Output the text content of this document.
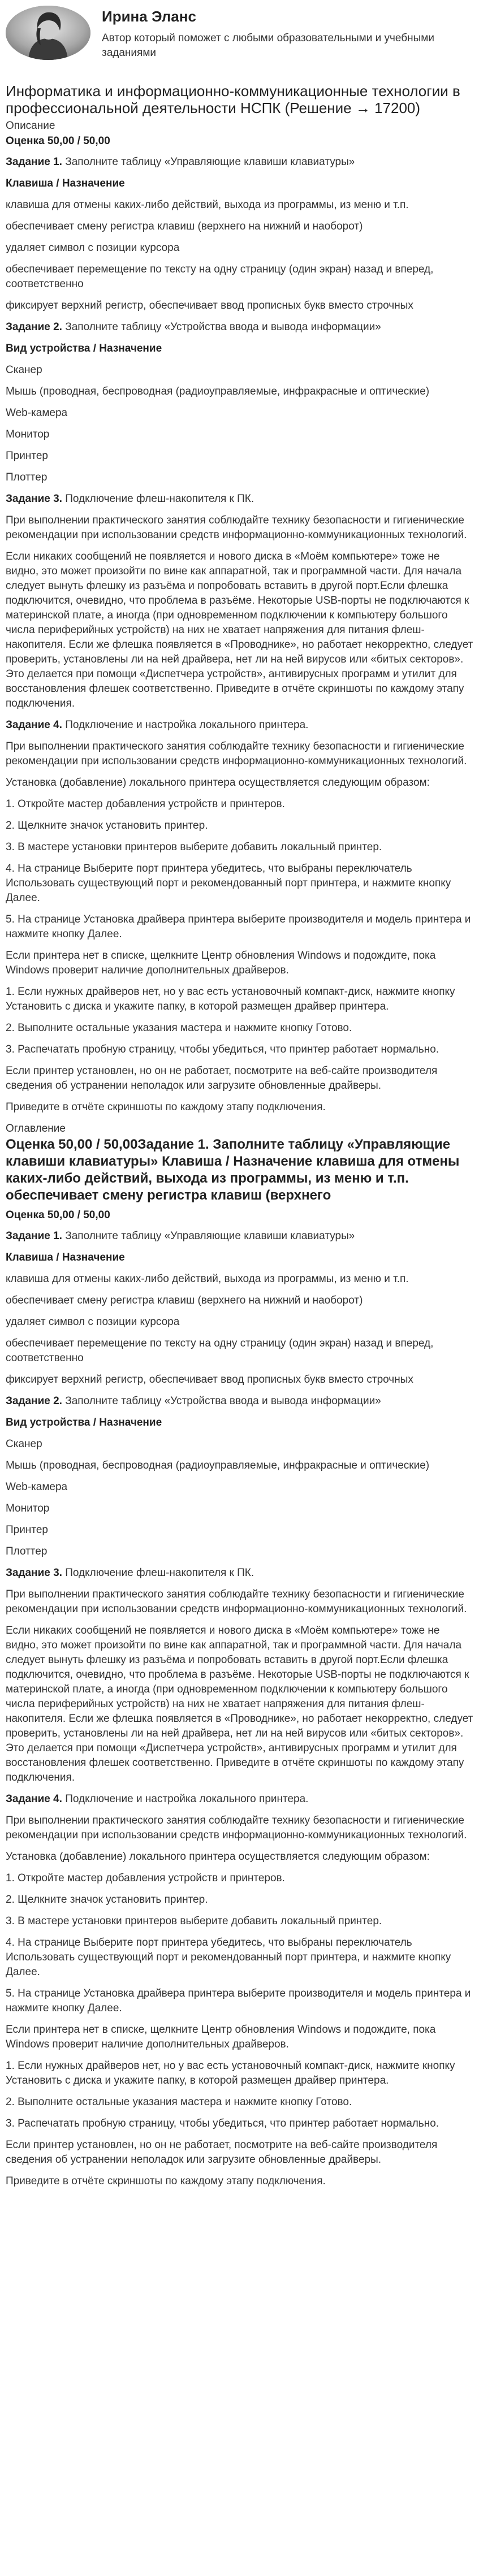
Ирина Эланс

Автор который поможет с любыми образовательными и учебными заданиями

Информатика и информационно-коммуникационные технологии в профессиональной деятельности НСПК (Решение → 17200)

Описание

Оценка 50,00 / 50,00

Задание 1. Заполните таблицу «Управляющие клавиши клавиатуры»

Клавиша / Назначение

клавиша для отмены каких-либо действий, выхода из программы, из меню и т.п.

обеспечивает смену регистра клавиш (верхнего на нижний и наоборот)

удаляет символ с позиции курсора

обеспечивает перемещение по тексту на одну страницу (один экран) назад и вперед, соответственно

фиксирует верхний регистр, обеспечивает ввод прописных букв вместо строчных

Задание 2. Заполните таблицу «Устройства ввода и вывода информации»

Вид устройства / Назначение

Сканер

Мышь (проводная, беспроводная (радиоуправляемые, инфракрасные и оптические)

Web-камера

Монитор

Принтер

Плоттер

Задание 3. Подключение флеш-накопителя к ПК.

При выполнении практического занятия соблюдайте технику безопасности и гигиенические рекомендации при использовании средств информационно-коммуникационных технологий.

Если никаких сообщений не появляется и нового диска в «Моём компьютере» тоже не видно, это может произойти по вине как аппаратной, так и программной части. Для начала следует вынуть флешку из разъёма и попробовать вставить в другой порт.Если флешка подключится, очевидно, что проблема в разъёме. Некоторые USB-порты не подключаются к материнской плате, а иногда (при одновременном подключении к компьютеру большого числа периферийных устройств) на них не хватает напряжения для питания флеш-накопителя. Если же флешка появляется в «Проводнике», но работает некорректно, следует проверить, установлены ли на ней драйвера, нет ли на ней вирусов или «битых секторов». Это делается при помощи «Диспетчера устройств», антивирусных программ и утилит для восстановления флешек соответственно. Приведите в отчёте скриншоты по каждому этапу подключения.

Задание 4. Подключение и настройка локального принтера.

При выполнении практического занятия соблюдайте технику безопасности и гигиенические рекомендации при использовании средств информационно-коммуникационных технологий.

Установка (добавление) локального принтера осуществляется следующим образом:

1. Откройте мастер добавления устройств и принтеров.

2. Щелкните значок установить принтер.

3. В мастере установки принтеров выберите добавить локальный принтер.

4. На странице Выберите порт принтера убедитесь, что выбраны переключатель Использовать существующий порт и рекомендованный порт принтера, и нажмите кнопку Далее.

5. На странице Установка драйвера принтера выберите производителя и модель принтера и нажмите кнопку Далее.

Если принтера нет в списке, щелкните Центр обновления Windows и подождите, пока Windows проверит наличие дополнительных драйверов.

1. Если нужных драйверов нет, но у вас есть установочный компакт-диск, нажмите кнопку Установить с диска и укажите папку, в которой размещен драйвер принтера.

2. Выполните остальные указания мастера и нажмите кнопку Готово.

3. Распечатать пробную страницу, чтобы убедиться, что принтер работает нормально.

Если принтер установлен, но он не работает, посмотрите на веб-сайте производителя сведения об устранении неполадок или загрузите обновленные драйверы.

Приведите в отчёте скриншоты по каждому этапу подключения.

Оглавление

Оценка 50,00 / 50,00Задание 1. Заполните таблицу «Управляющие клавиши клавиатуры» Клавиша / Назначение клавиша для отмены каких-либо действий, выхода из программы, из меню и т.п. обеспечивает смену регистра клавиш (верхнего

Оценка 50,00 / 50,00

Задание 1. Заполните таблицу «Управляющие клавиши клавиатуры»

Клавиша / Назначение

клавиша для отмены каких-либо действий, выхода из программы, из меню и т.п.

обеспечивает смену регистра клавиш (верхнего на нижний и наоборот)

удаляет символ с позиции курсора

обеспечивает перемещение по тексту на одну страницу (один экран) назад и вперед, соответственно

фиксирует верхний регистр, обеспечивает ввод прописных букв вместо строчных

Задание 2. Заполните таблицу «Устройства ввода и вывода информации»

Вид устройства / Назначение

Сканер

Мышь (проводная, беспроводная (радиоуправляемые, инфракрасные и оптические)

Web-камера

Монитор

Принтер

Плоттер

Задание 3. Подключение флеш-накопителя к ПК.

При выполнении практического занятия соблюдайте технику безопасности и гигиенические рекомендации при использовании средств информационно-коммуникационных технологий.

Если никаких сообщений не появляется и нового диска в «Моём компьютере» тоже не видно, это может произойти по вине как аппаратной, так и программной части. Для начала следует вынуть флешку из разъёма и попробовать вставить в другой порт.Если флешка подключится, очевидно, что проблема в разъёме. Некоторые USB-порты не подключаются к материнской плате, а иногда (при одновременном подключении к компьютеру большого числа периферийных устройств) на них не хватает напряжения для питания флеш-накопителя. Если же флешка появляется в «Проводнике», но работает некорректно, следует проверить, установлены ли на ней драйвера, нет ли на ней вирусов или «битых секторов». Это делается при помощи «Диспетчера устройств», антивирусных программ и утилит для восстановления флешек соответственно. Приведите в отчёте скриншоты по каждому этапу подключения.

Задание 4. Подключение и настройка локального принтера.

При выполнении практического занятия соблюдайте технику безопасности и гигиенические рекомендации при использовании средств информационно-коммуникационных технологий.

Установка (добавление) локального принтера осуществляется следующим образом:

1. Откройте мастер добавления устройств и принтеров.

2. Щелкните значок установить принтер.

3. В мастере установки принтеров выберите добавить локальный принтер.

4. На странице Выберите порт принтера убедитесь, что выбраны переключатель Использовать существующий порт и рекомендованный порт принтера, и нажмите кнопку Далее.

5. На странице Установка драйвера принтера выберите производителя и модель принтера и нажмите кнопку Далее.

Если принтера нет в списке, щелкните Центр обновления Windows и подождите, пока Windows проверит наличие дополнительных драйверов.

1. Если нужных драйверов нет, но у вас есть установочный компакт-диск, нажмите кнопку Установить с диска и укажите папку, в которой размещен драйвер принтера.

2. Выполните остальные указания мастера и нажмите кнопку Готово.

3. Распечатать пробную страницу, чтобы убедиться, что принтер работает нормально.

Если принтер установлен, но он не работает, посмотрите на веб-сайте производителя сведения об устранении неполадок или загрузите обновленные драйверы.

Приведите в отчёте скриншоты по каждому этапу подключения.
